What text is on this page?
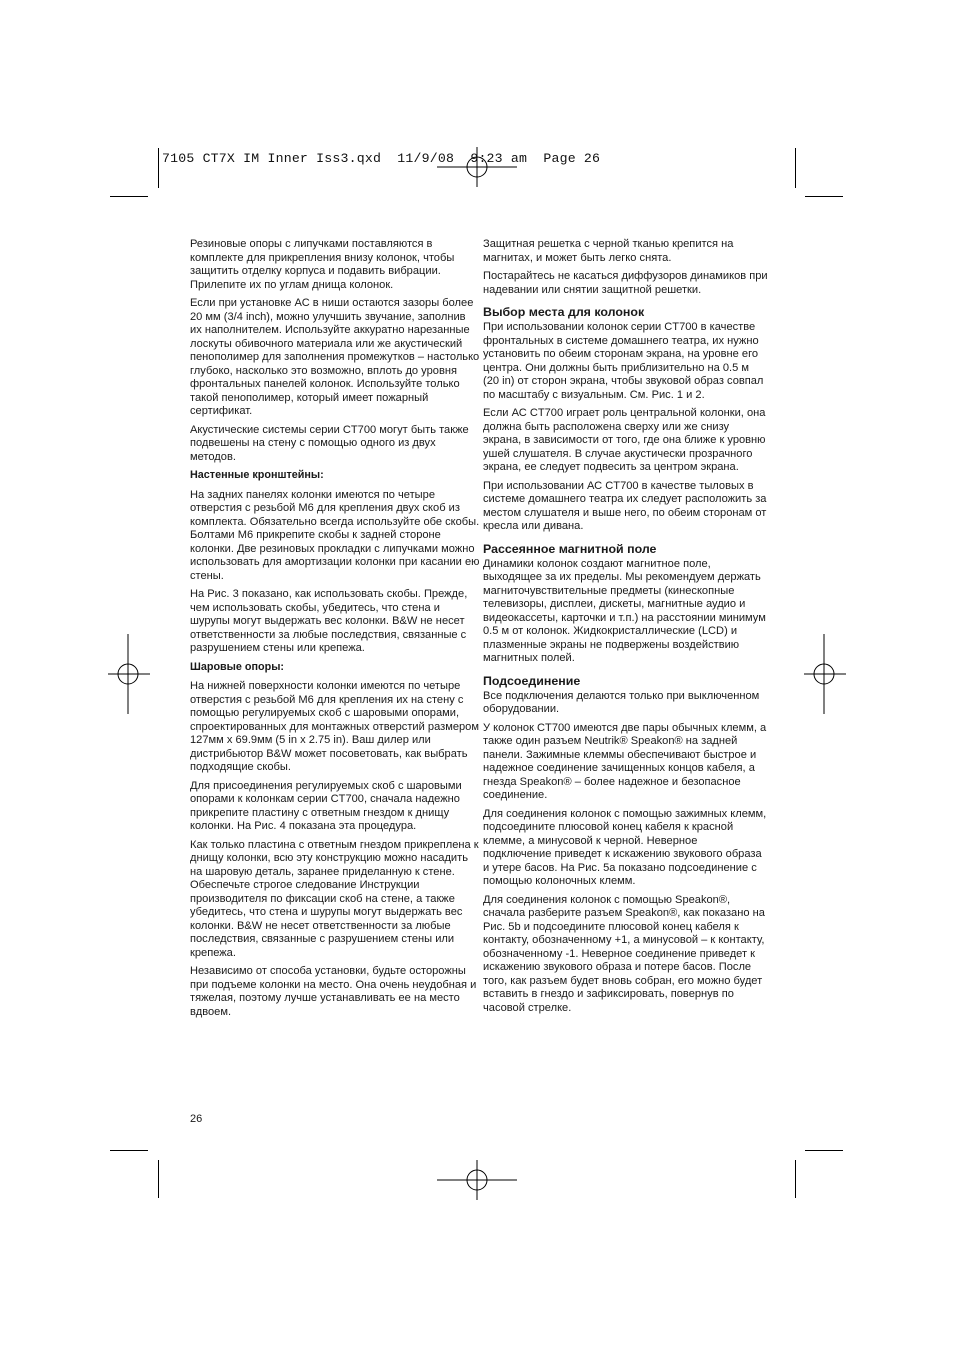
7105 CT7X IM Inner Iss3.qxd  11/9/08  9:23 am  Page 26

Резиновые опоры с липучками поставляются в комплекте для прикрепления внизу колонок, чтобы защитить отделку корпуса и подавить вибрации. Прилепите их по углам днища колонок.

Если при установке АС в ниши остаются зазоры более 20 мм (3/4 inch), можно улучшить звучание, заполнив их наполнителем. Используйте аккуратно нарезанные лоскуты обивочного материала или же акустический пенополимер для заполнения промежутков – настолько глубоко, насколько это возможно, вплоть до уровня фронтальных панелей колонок. Используйте только такой пенополимер, который имеет пожарный сертификат.

Акустические системы серии CT700 могут быть также подвешены на стену с помощью одного из двух методов.

Настенные кронштейны:

На задних панелях колонки имеются по четыре отверстия с резьбой М6 для крепления двух скоб из комплекта. Обязательно всегда используйте обе скобы. Болтами М6 прикрепите скобы к задней стороне колонки. Две резиновых прокладки с липучками можно использовать для амортизации колонки при касании ею стены.

На Рис. 3 показано, как использовать скобы. Прежде, чем использовать скобы, убедитесь, что стена и шурупы могут выдержать вес колонки. B&W не несет ответственности за любые последствия, связанные с разрушением стены или крепежа.

Шаровые опоры:

На нижней поверхности колонки имеются по четыре отверстия с резьбой М6 для крепления их на стену с помощью регулируемых скоб с шаровыми опорами, спроектированных для монтажных отверстий размером 127мм x 69.9мм (5 in x 2.75 in). Ваш дилер или дистрибьютор B&W может посоветовать, как выбрать подходящие скобы.

Для присоединения регулируемых скоб с шаровыми опорами к колонкам серии CT700, сначала надежно прикрепите пластину с ответным гнездом к днищу колонки. На Рис. 4 показана эта процедура.

Как только пластина с ответным гнездом прикреплена к днищу колонки, всю эту конструкцию можно насадить на шаровую деталь, заранее приделанную к стене. Обеспечьте строгое следование Инструкции производителя по фиксации скоб на стене, а также убедитесь, что стена и шурупы могут выдержать вес колонки. B&W не несет ответственности за любые последствия, связанные с разрушением стены или крепежа.

Независимо от способа установки, будьте осторожны при подъеме колонки на место. Она очень неудобная и тяжелая, поэтому лучше устанавливать ее на место вдвоем.

Защитная решетка с черной тканью крепится на магнитах, и может быть легко снята.

Постарайтесь не касаться диффузоров динамиков при надевании или снятии защитной решетки.

Выбор места для колонок

При использовании колонок серии CT700 в качестве фронтальных в системе домашнего театра, их нужно установить по обеим сторонам экрана, на уровне его центра. Они должны быть приблизительно на 0.5 м (20 in) от сторон экрана, чтобы звуковой образ совпал по масштабу с визуальным. См. Рис. 1 и 2.

Если АС CT700 играет роль центральной колонки, она должна быть расположена сверху или же снизу экрана, в зависимости от того, где она ближе к уровню ушей слушателя. В случае акустически прозрачного экрана, ее следует подвесить за центром экрана.

При использовании АС CT700 в качестве тыловых в системе домашнего театра их следует расположить за местом слушателя и выше него, по обеим сторонам от кресла или дивана.

Рассеянное магнитной поле

Динамики колонок создают магнитное поле, выходящее за их пределы. Мы рекомендуем держать магниточувствительные предметы (кинескопные телевизоры, дисплеи, дискеты, магнитные аудио и видеокассеты, карточки и т.п.) на расстоянии минимум 0.5 м от колонок. Жидкокристаллические (LCD) и плазменные экраны не подвержены воздействию магнитных полей.

Подсоединение

Все подключения делаются только при выключенном оборудовании.

У колонок CT700 имеются две пары обычных клемм, а также один разъем Neutrik® Speakon® на задней панели. Зажимные клеммы обеспечивают быстрое и надежное соединение зачищенных концов кабеля, а гнезда Speakon® – более надежное и безопасное соединение.

Для соединения колонок с помощью зажимных клемм, подсоедините плюсовой конец кабеля к красной клемме, а минусовой к черной. Неверное подключение приведет к искажению звукового образа и утере басов. На Рис. 5а показано подсоединение с помощью колоночных клемм.

Для соединения колонок с помощью Speakon®, сначала разберите разъем Speakon®, как показано на Рис. 5b и подсоедините плюсовой конец кабеля к контакту, обозначенному +1, а минусовой – к контакту, обозначенному -1. Неверное соединение приведет к искажению звукового образа и потере басов. После того, как разъем будет вновь собран, его можно будет вставить в гнездо и зафиксировать, повернув по часовой стрелке.

26
